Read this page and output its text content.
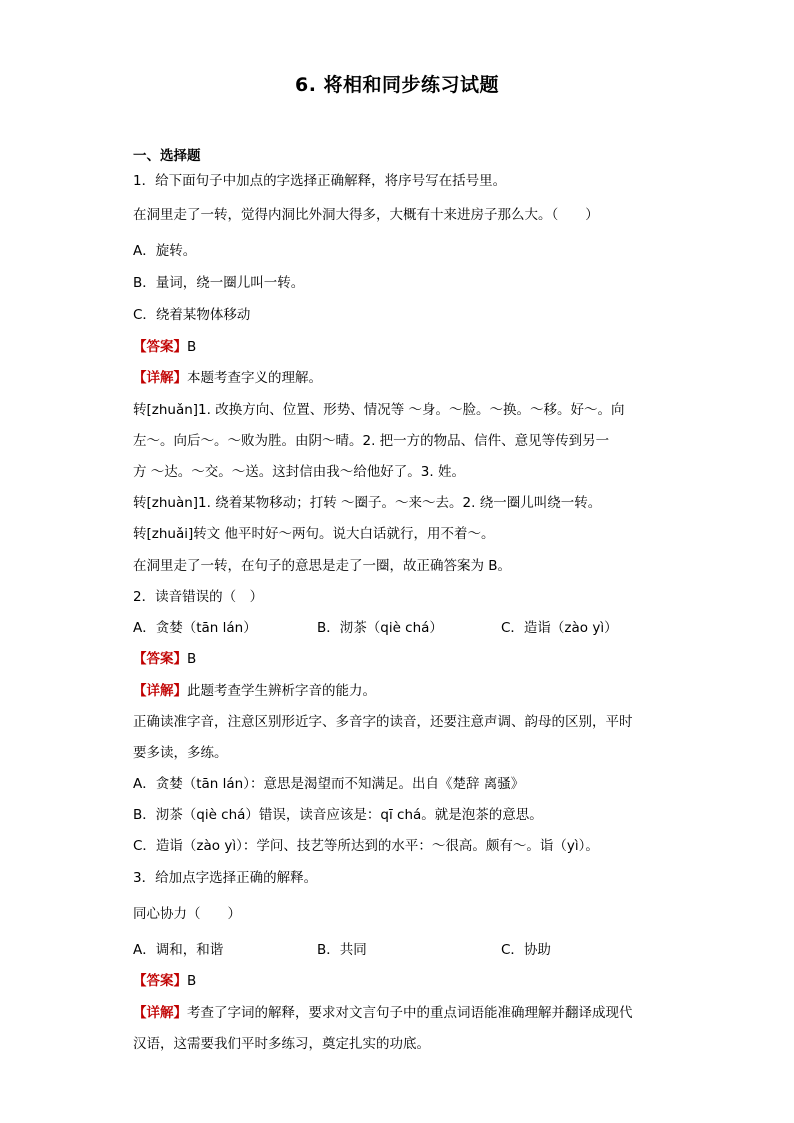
6. 将相和同步练习试题
一、选择题
1．给下面句子中加点的字选择正确解释，将序号写在括号里。
在洞里走了一转，觉得内洞比外洞大得多，大概有十来进房子那么大。（　　）
A．旋转。
B．量词，绕一圈儿叫一转。
C．绕着某物体移动
【答案】B
【详解】本题考查字义的理解。
转[zhuǎn]1. 改换方向、位置、形势、情况等 ～身。～脸。～换。～移。好～。向
左～。向后～。～败为胜。由阴～晴。2. 把一方的物品、信件、意见等传到另一
方 ～达。～交。～送。这封信由我～给他好了。3. 姓。
转[zhuàn]1. 绕着某物移动；打转 ～圈子。～来～去。2. 绕一圈儿叫绕一转。
转[zhuǎi]转文 他平时好～两句。说大白话就行，用不着～。
在洞里走了一转，在句子的意思是走了一圈，故正确答案为 B。
2．读音错误的（　）
A．贪婪（tān lán）	B．沏茶（qiè chá）	C．造诣（zào yì）
【答案】B
【详解】此题考查学生辨析字音的能力。
正确读准字音，注意区别形近字、多音字的读音，还要注意声调、韵母的区别，平时
要多读，多练。
A．贪婪（tān lán）：意思是渴望而不知满足。出自《楚辞 离骚》
B．沏茶（qiè chá）错误，读音应该是：qī chá。就是泡茶的意思。
C．造诣（zào yì）：学问、技艺等所达到的水平：～很高。颇有～。诣（yì）。
3．给加点字选择正确的解释。
同心协力（　　）
A．调和，和谐	B．共同	C．协助
【答案】B
【详解】考查了字词的解释，要求对文言句子中的重点词语能准确理解并翻译成现代
汉语，这需要我们平时多练习，奠定扎实的功底。
